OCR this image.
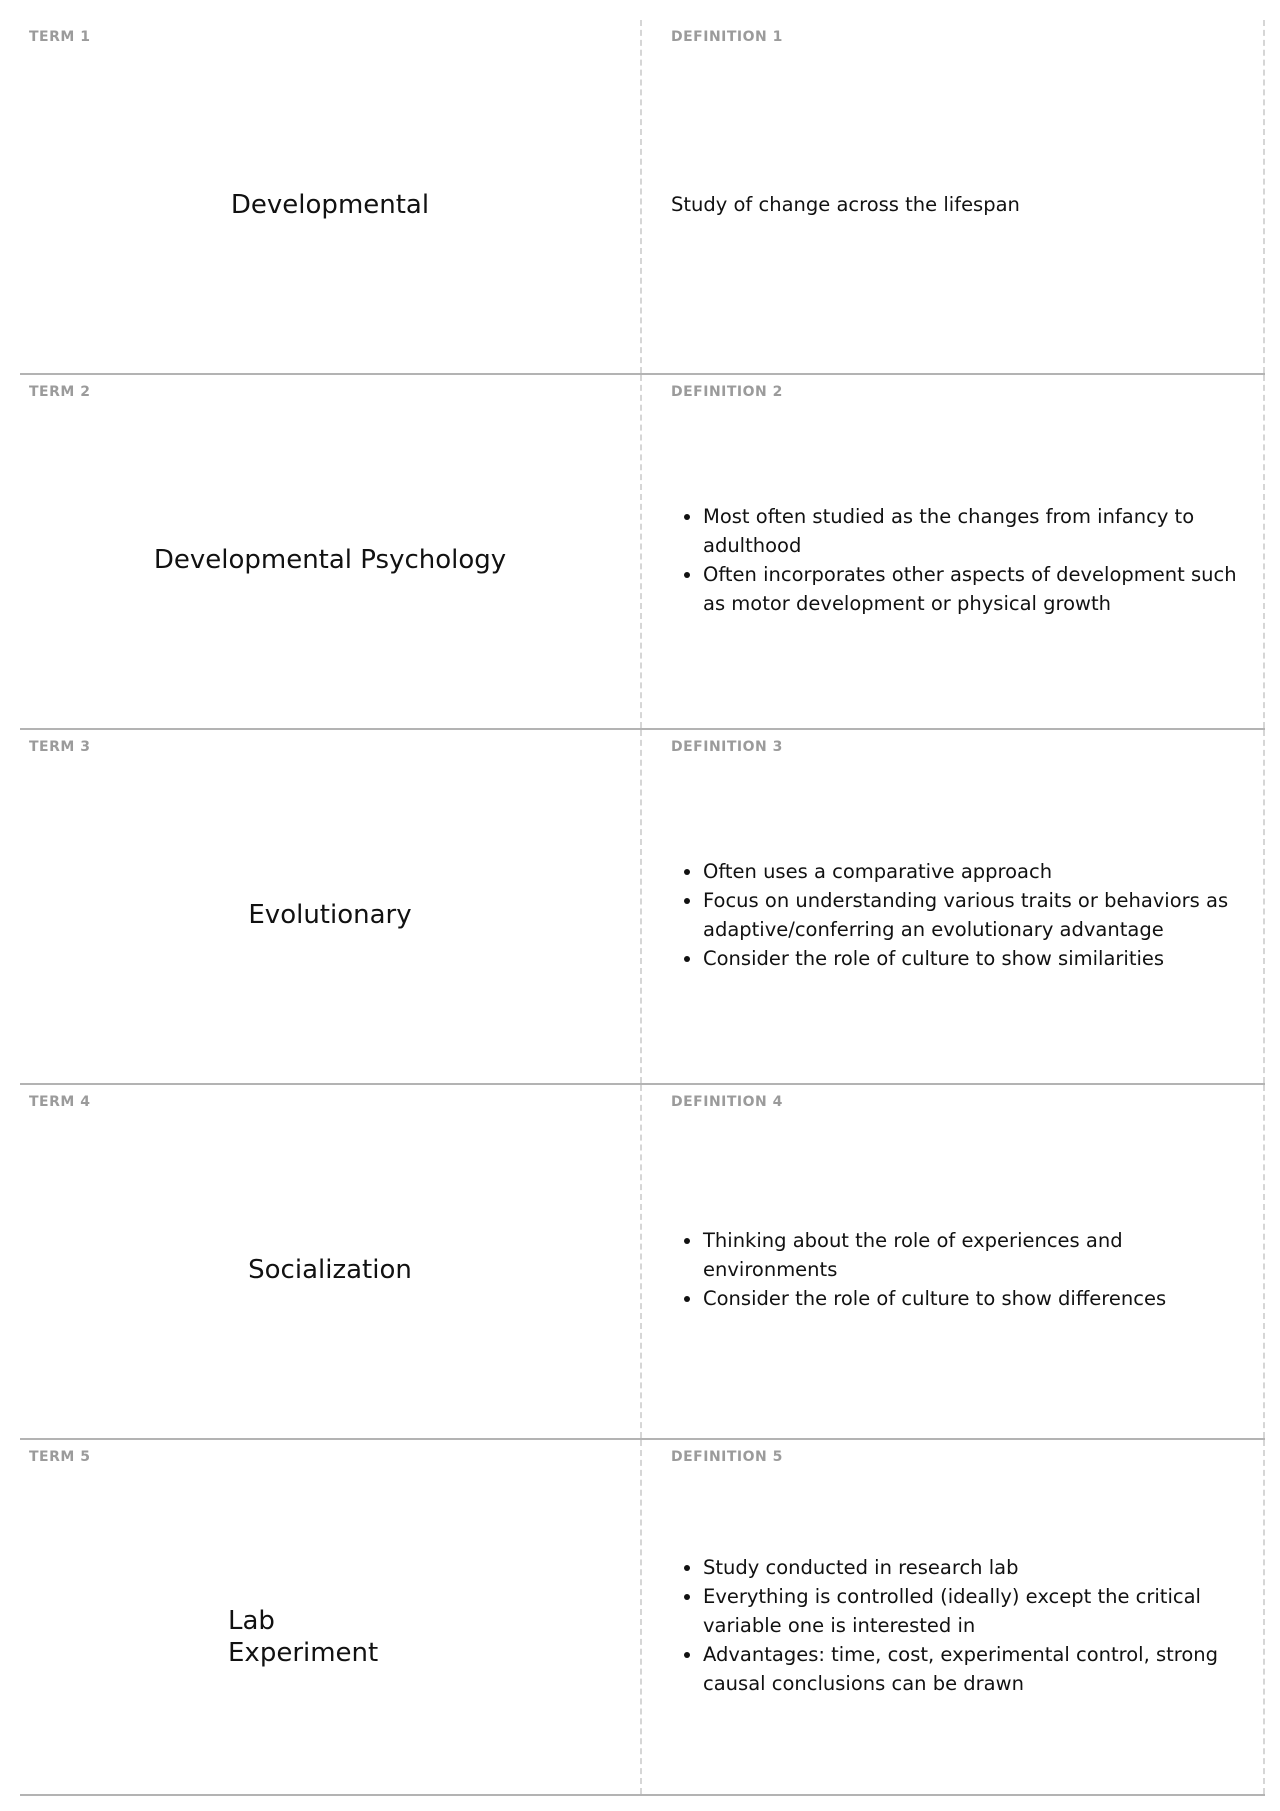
TERM 1
Developmental
DEFINITION 1

Study of change across the lifespan

TERM 2
Developmental Psychology
DEFINITION 2
• Most often studied as the changes from infancy to adulthood
• Often incorporates other aspects of development such as motor development or physical growth
TERM 3
Evolutionary
DEFINITION 3
• Often uses a comparative approach
• Focus on understanding various traits or behaviors as adaptive/conferring an evolutionary advantage
• Consider the role of culture to show similarities
TERM 4
Socialization
DEFINITION 4
• Thinking about the role of experiences and environments
• Consider the role of culture to show differences
TERM 5
Lab
Experiment
DEFINITION 5
• Study conducted in research lab
• Everything is controlled (ideally) except the critical variable one is interested in
• Advantages: time, cost, experimental control, strong causal conclusions can be drawn
